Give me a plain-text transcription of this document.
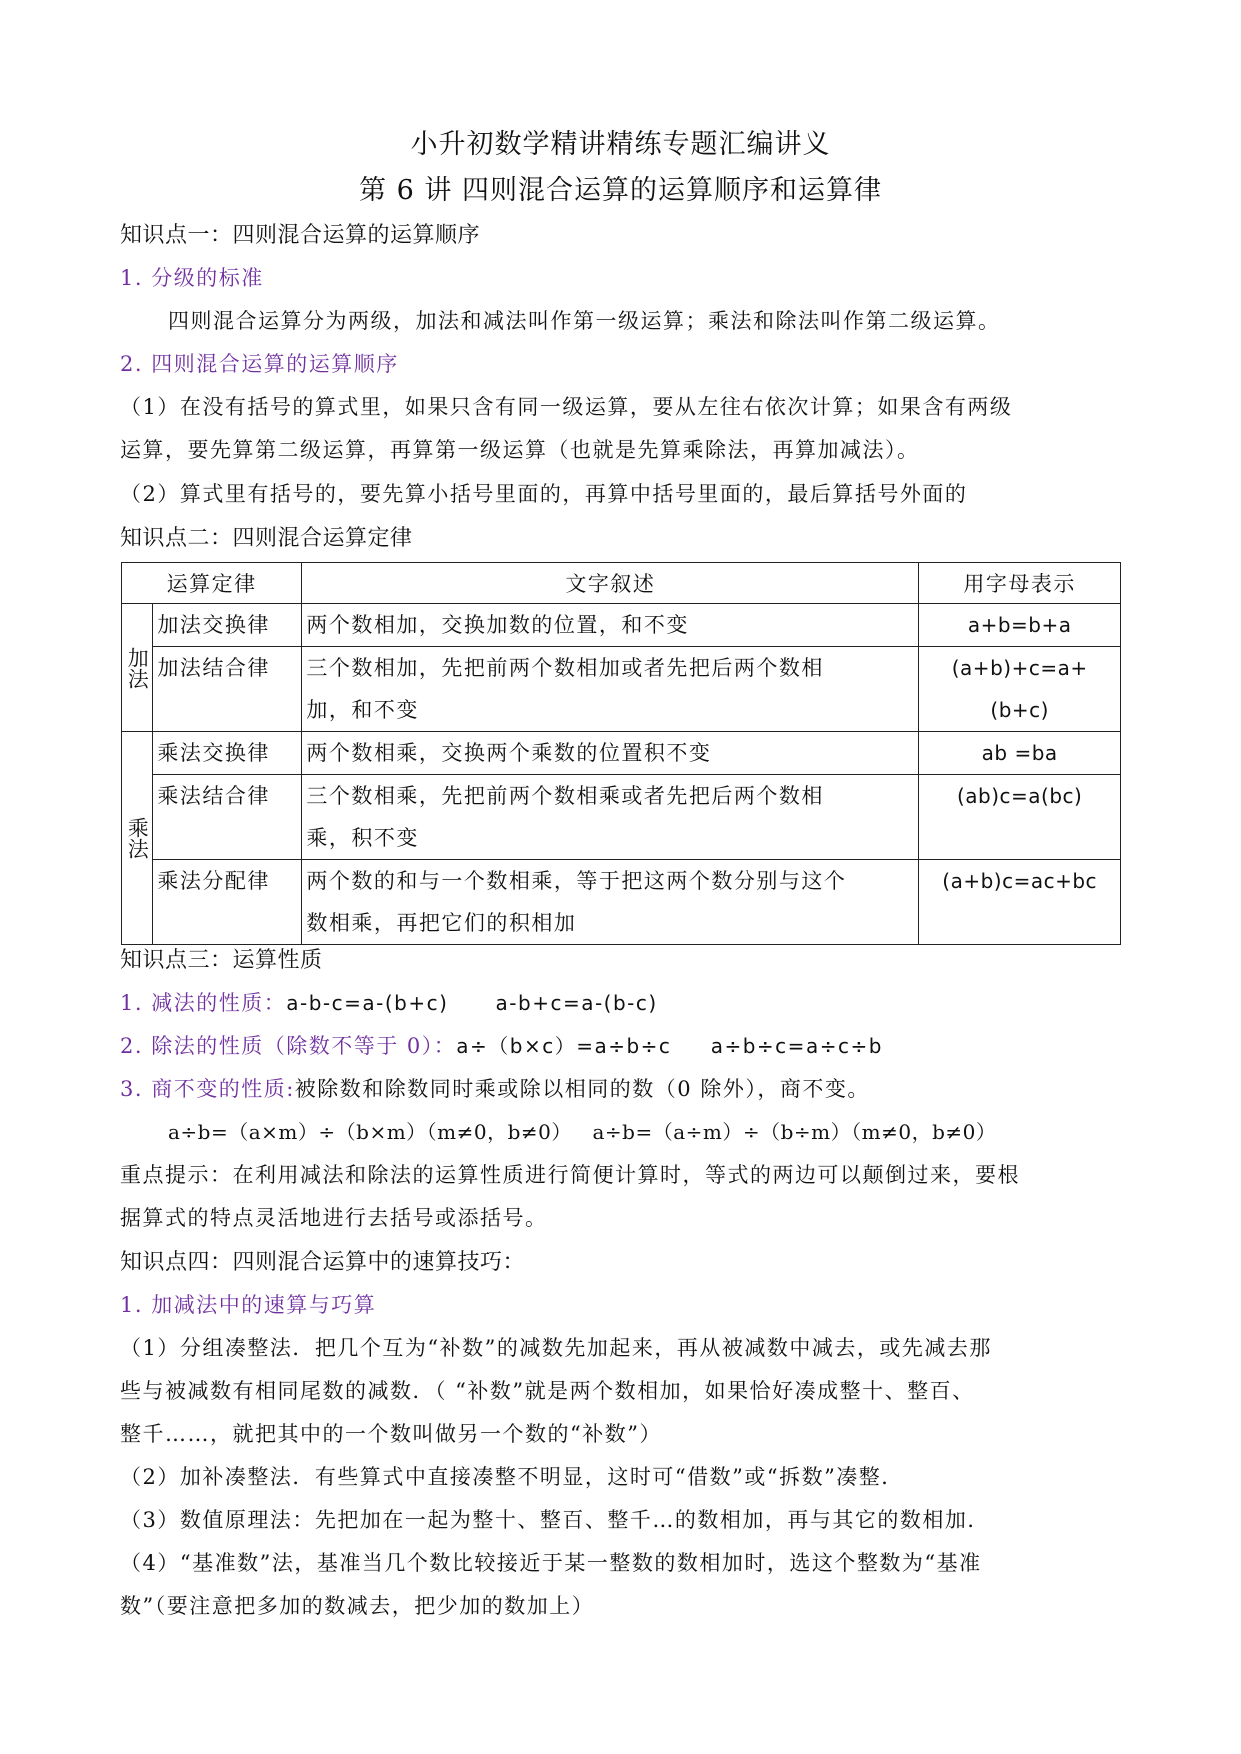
小升初数学精讲精练专题汇编讲义
第 6 讲 四则混合运算的运算顺序和运算律
知识点一：四则混合运算的运算顺序
1. 分级的标准
四则混合运算分为两级，加法和减法叫作第一级运算；乘法和除法叫作第二级运算。
2. 四则混合运算的运算顺序
（1）在没有括号的算式里，如果只含有同一级运算，要从左往右依次计算；如果含有两级
运算，要先算第二级运算，再算第一级运算（也就是先算乘除法，再算加减法）。
（2）算式里有括号的，要先算小括号里面的，再算中括号里面的，最后算括号外面的
知识点二：四则混合运算定律
运算定律		文字叙述	用字母表示
加法	加法交换律	两个数相加，交换加数的位置，和不变	a+b=b+a
	加法结合律	三个数相加，先把前两个数相加或者先把后两个数相
加，和不变	(a+b)+c=a+(b+c)
乘法	乘法交换律	两个数相乘，交换两个乘数的位置积不变	ab =ba
	乘法结合律	三个数相乘，先把前两个数相乘或者先把后两个数相
乘，积不变	(ab)c=a(bc)
	乘法分配律	两个数的和与一个数相乘，等于把这两个数分别与这个
数相乘，再把它们的积相加	(a+b)c=ac+bc
知识点三：运算性质
1. 减法的性质：a-b-c=a-(b+c)      a-b+c=a-(b-c)
2. 除法的性质（除数不等于 0）：a÷（b×c）=a÷b÷c     a÷b÷c=a÷c÷b
3. 商不变的性质:被除数和除数同时乘或除以相同的数（0 除外），商不变。
a÷b=（a×m）÷（b×m）（m≠0，b≠0）   a÷b=（a÷m）÷（b÷m）（m≠0，b≠0）
重点提示：在利用减法和除法的运算性质进行简便计算时，等式的两边可以颠倒过来，要根
据算式的特点灵活地进行去括号或添括号。
知识点四：四则混合运算中的速算技巧：
1. 加减法中的速算与巧算
（1）分组凑整法．把几个互为“补数”的减数先加起来，再从被减数中减去，或先减去那
些与被减数有相同尾数的减数．（ “补数”就是两个数相加，如果恰好凑成整十、整百、
整千……，就把其中的一个数叫做另一个数的“补数”）
（2）加补凑整法．有些算式中直接凑整不明显，这时可“借数”或“拆数”凑整．
（3）数值原理法：先把加在一起为整十、整百、整千…的数相加，再与其它的数相加．
（4）“基准数”法，基准当几个数比较接近于某一整数的数相加时，选这个整数为“基准
数”（要注意把多加的数减去，把少加的数加上）
